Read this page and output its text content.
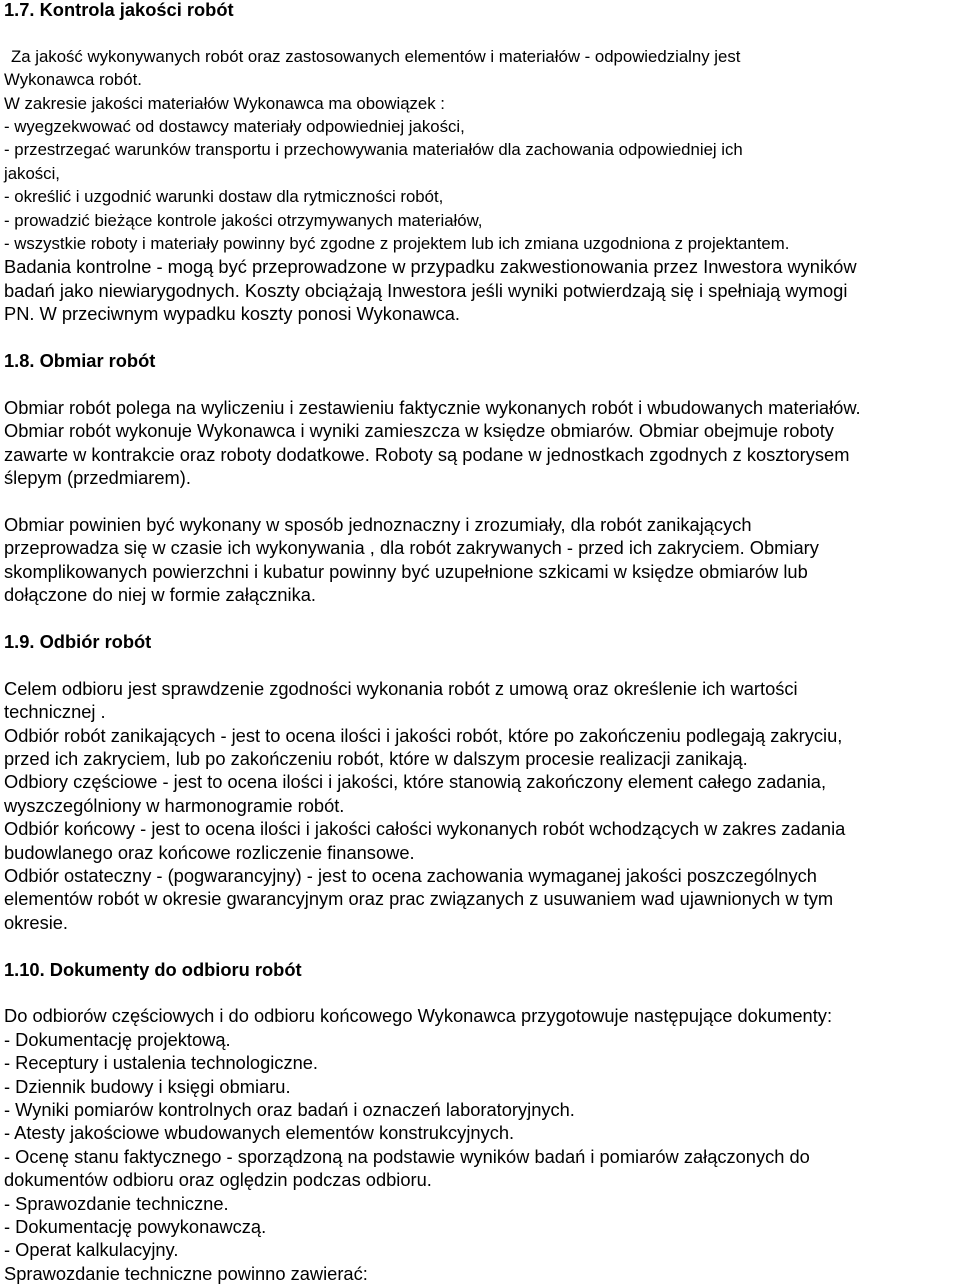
1.7. Kontrola jakości robót
Za jakość wykonywanych robót oraz zastosowanych elementów i materiałów - odpowiedzialny jest
Wykonawca robót.
W zakresie jakości materiałów Wykonawca ma obowiązek :
- wyegzekwować od dostawcy materiały odpowiedniej jakości,
- przestrzegać warunków transportu i przechowywania materiałów dla zachowania odpowiedniej ich
jakości,
- określić i uzgodnić warunki dostaw dla rytmiczności robót,
- prowadzić bieżące kontrole jakości otrzymywanych materiałów,
- wszystkie roboty i materiały powinny być zgodne z projektem lub ich zmiana uzgodniona z projektantem.
Badania kontrolne - mogą być przeprowadzone w przypadku zakwestionowania przez Inwestora wyników
badań jako niewiarygodnych. Koszty obciążają Inwestora jeśli wyniki potwierdzają się i spełniają wymogi
PN. W przeciwnym wypadku koszty ponosi Wykonawca.
1.8. Obmiar robót
Obmiar robót polega na wyliczeniu i zestawieniu faktycznie wykonanych robót i wbudowanych materiałów.
Obmiar robót wykonuje Wykonawca i wyniki zamieszcza w księdze obmiarów. Obmiar obejmuje roboty
zawarte w kontrakcie oraz roboty dodatkowe. Roboty są podane w jednostkach zgodnych z kosztorysem
ślepym (przedmiarem).
Obmiar powinien być wykonany w sposób jednoznaczny i zrozumiały, dla robót zanikających
przeprowadza się w czasie ich wykonywania , dla robót zakrywanych - przed ich zakryciem. Obmiary
skomplikowanych powierzchni i kubatur powinny być uzupełnione szkicami w księdze obmiarów lub
dołączone do niej w formie załącznika.
1.9. Odbiór robót
Celem odbioru jest sprawdzenie zgodności wykonania robót z umową oraz określenie ich wartości
technicznej .
Odbiór robót zanikających - jest to ocena ilości i jakości robót, które po zakończeniu podlegają zakryciu,
przed ich zakryciem, lub po zakończeniu robót, które w dalszym procesie realizacji zanikają.
Odbiory częściowe - jest to ocena ilości i jakości, które stanowią zakończony element całego zadania,
wyszczególniony w harmonogramie robót.
Odbiór końcowy - jest to ocena ilości i jakości całości wykonanych robót wchodzących w zakres zadania
budowlanego oraz końcowe rozliczenie finansowe.
Odbiór ostateczny - (pogwarancyjny) - jest to ocena zachowania wymaganej jakości poszczególnych
elementów robót w okresie gwarancyjnym oraz prac związanych z usuwaniem wad ujawnionych w tym
okresie.
1.10. Dokumenty do odbioru robót
Do odbiorów częściowych i do odbioru końcowego Wykonawca przygotowuje następujące dokumenty:
- Dokumentację projektową.
- Receptury i ustalenia technologiczne.
- Dziennik budowy i księgi obmiaru.
- Wyniki pomiarów kontrolnych oraz badań i oznaczeń laboratoryjnych.
- Atesty jakościowe wbudowanych elementów konstrukcyjnych.
- Ocenę stanu faktycznego - sporządzoną na podstawie wyników badań i pomiarów załączonych do
dokumentów odbioru oraz oględzin podczas odbioru.
- Sprawozdanie techniczne.
- Dokumentację powykonawczą.
- Operat kalkulacyjny.
Sprawozdanie techniczne powinno zawierać:
